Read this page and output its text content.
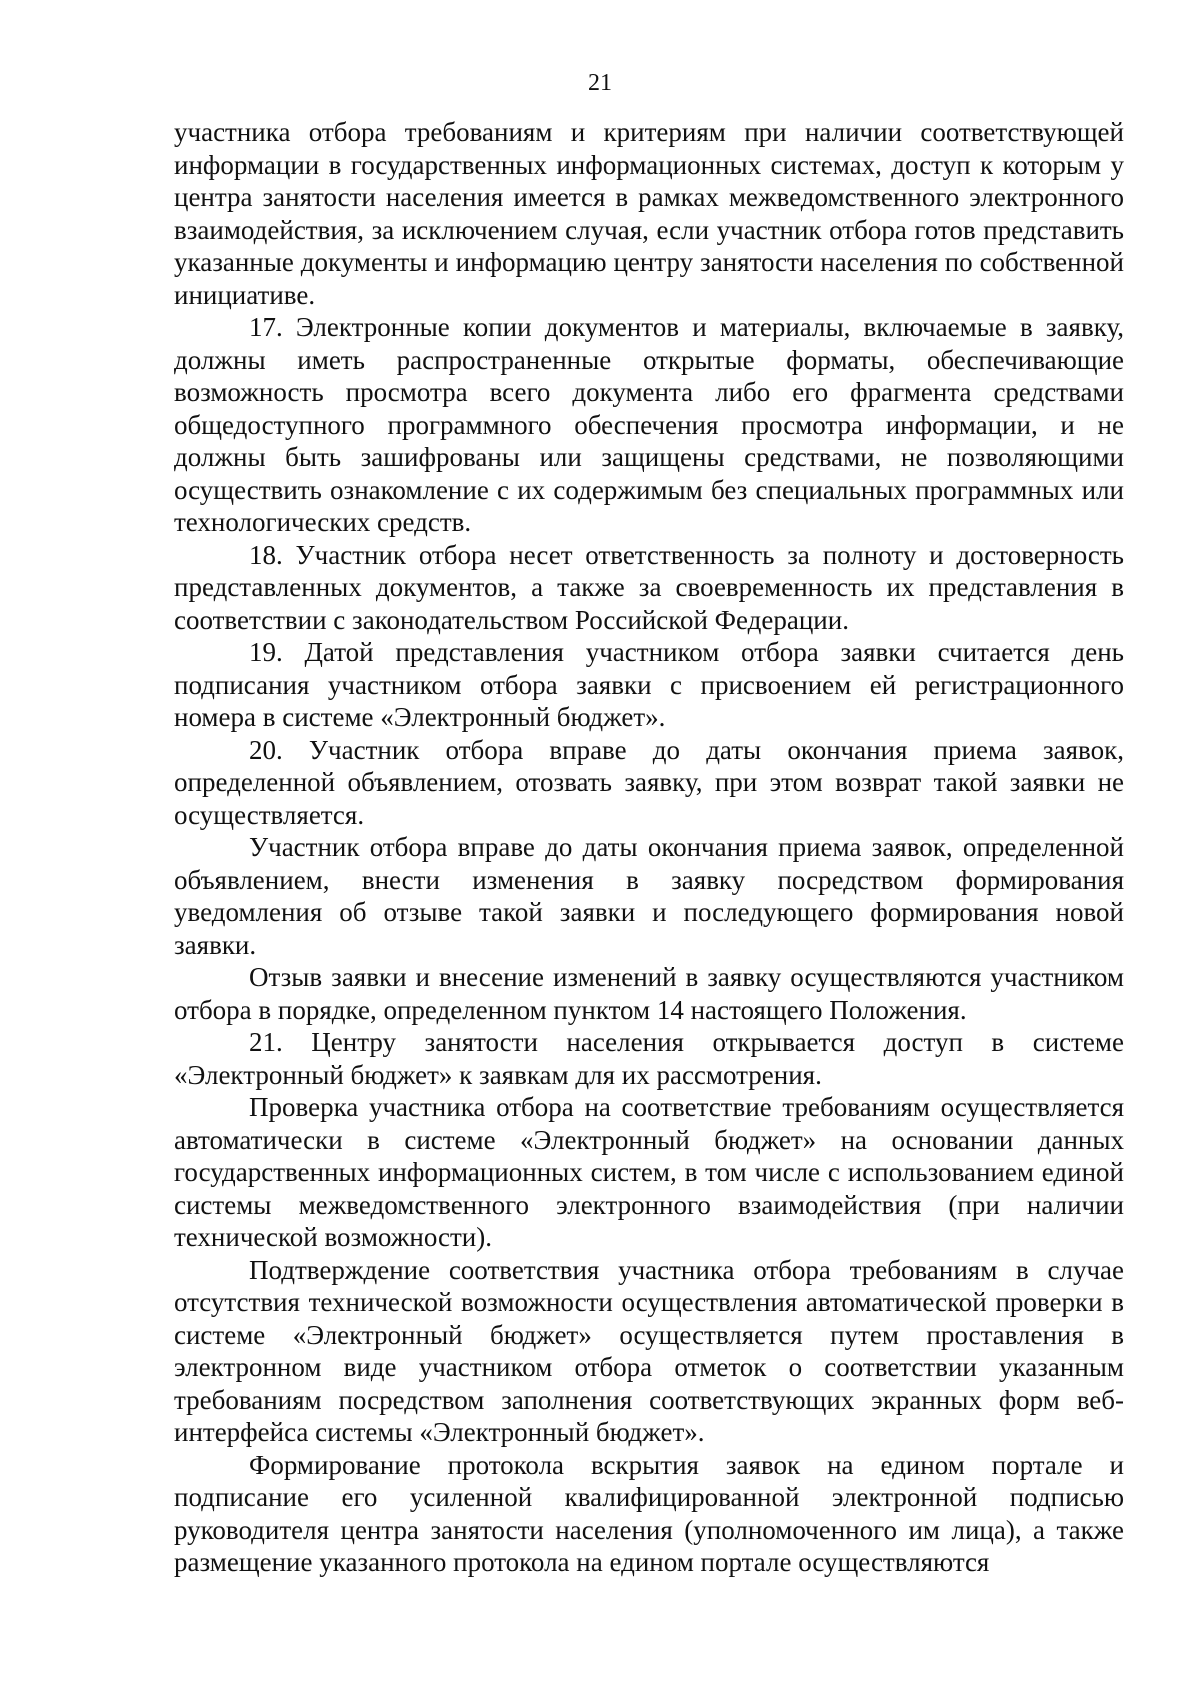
21

участника отбора требованиям и критериям при наличии соответствующей информации в государственных информационных системах, доступ к которым у центра занятости населения имеется в рамках межведомственного электронного взаимодействия, за исключением случая, если участник отбора готов представить указанные документы и информацию центру занятости населения по собственной инициативе.

17. Электронные копии документов и материалы, включаемые в заявку, должны иметь распространенные открытые форматы, обеспечивающие возможность просмотра всего документа либо его фрагмента средствами общедоступного программного обеспечения просмотра информации, и не должны быть зашифрованы или защищены средствами, не позволяющими осуществить ознакомление с их содержимым без специальных программных или технологических средств.

18. Участник отбора несет ответственность за полноту и достоверность представленных документов, а также за своевременность их представления в соответствии с законодательством Российской Федерации.

19. Датой представления участником отбора заявки считается день подписания участником отбора заявки с присвоением ей регистрационного номера в системе «Электронный бюджет».

20. Участник отбора вправе до даты окончания приема заявок, определенной объявлением, отозвать заявку, при этом возврат такой заявки не осуществляется.

Участник отбора вправе до даты окончания приема заявок, определенной объявлением, внести изменения в заявку посредством формирования уведомления об отзыве такой заявки и последующего формирования новой заявки.

Отзыв заявки и внесение изменений в заявку осуществляются участником отбора в порядке, определенном пунктом 14 настоящего Положения.

21. Центру занятости населения открывается доступ в системе «Электронный бюджет» к заявкам для их рассмотрения.

Проверка участника отбора на соответствие требованиям осуществляется автоматически в системе «Электронный бюджет» на основании данных государственных информационных систем, в том числе с использованием единой системы межведомственного электронного взаимодействия (при наличии технической возможности).

Подтверждение соответствия участника отбора требованиям в случае отсутствия технической возможности осуществления автоматической проверки в системе «Электронный бюджет» осуществляется путем проставления в электронном виде участником отбора отметок о соответствии указанным требованиям посредством заполнения соответствующих экранных форм веб-интерфейса системы «Электронный бюджет».

Формирование протокола вскрытия заявок на едином портале и подписание его усиленной квалифицированной электронной подписью руководителя центра занятости населения (уполномоченного им лица), а также размещение указанного протокола на едином портале осуществляются
